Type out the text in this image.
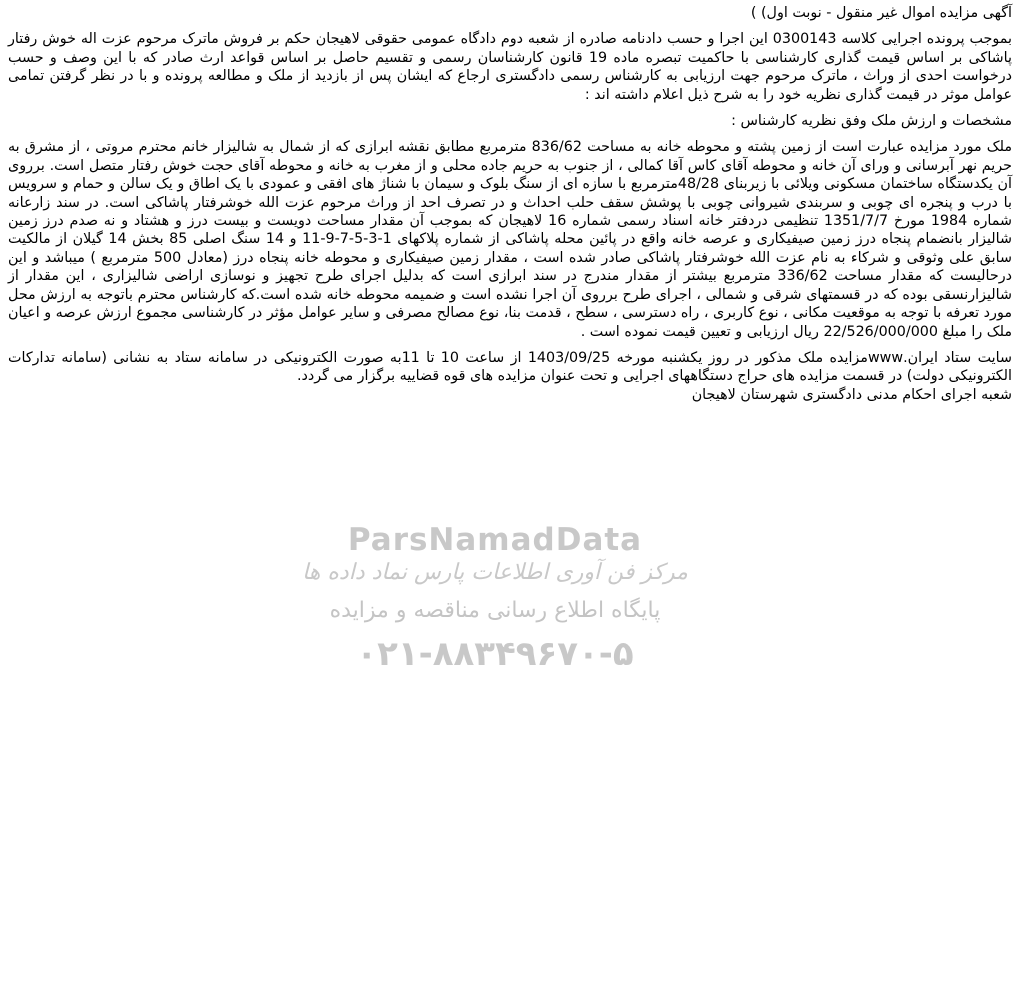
ParsNamadData
مرکز فن آوری اطلاعات پارس نماد داده ها
پایگاه اطلاع رسانی مناقصه و مزایده
۰۲۱-۸۸۳۴۹۶۷۰-۵

آگهی مزایده اموال غیر منقول - نوبت اول) )

بموجب پرونده اجرایی کلاسه 0300143 این اجرا و حسب دادنامه صادره از شعبه دوم دادگاه عمومی حقوقی لاهیجان حکم بر فروش ماترک مرحوم عزت اله خوش رفتار پاشاکی بر اساس قیمت گذاری کارشناسی با حاکمیت تبصره ماده 19 قانون کارشناسان رسمی و تقسیم حاصل بر اساس قواعد ارث صادر که با این وصف و حسب درخواست احدی از وراث ، ماترک مرحوم جهت ارزیابی به کارشناس رسمی دادگستری ارجاع که ایشان پس از بازدید از ملک و مطالعه پرونده و با در نظر گرفتن تمامی عوامل موثر در قیمت گذاری نظریه خود را به شرح ذیل اعلام داشته اند :

مشخصات و ارزش ملک وفق نظریه کارشناس :

ملک مورد مزایده عبارت است از زمین پشته و محوطه خانه به مساحت 836/62 مترمربع مطابق نقشه ابرازی که از شمال به شالیزار خانم محترم مروتی ، از مشرق به حریم نهر آبرسانی و ورای آن خانه و محوطه آقای کاس آقا کمالی ، از جنوب به حریم جاده محلی و از مغرب به خانه و محوطه آقای حجت خوش رفتار متصل است. برروی آن یکدستگاه ساختمان مسکونی ویلائی با زیربنای 48/28مترمربع با سازه ای از سنگ بلوک و سیمان با شناژ های افقی و عمودی با یک اطاق و یک سالن و حمام و سرویس با درب و پنجره ای چوبی و سربندی شیروانی چوبی با پوشش سقف حلب احداث و در تصرف احد از وراث مرحوم عزت الله خوشرفتار پاشاکی است. در سند زارعانه شماره 1984 مورخ 1351/7/7 تنظیمی دردفتر خانه اسناد رسمی شماره 16 لاهیجان که بموجب آن مقدار مساحت دویست و بیست درز و هشتاد و نه صدم درز زمین شالیزار بانضمام پنجاه درز زمین صیفیکاری و عرصه خانه واقع در پائین محله پاشاکی از شماره پلاکهای 1-3-5-7-9-11 و 14 سنگ اصلی 85 بخش 14 گیلان از مالکیت سابق علی وثوقی و شرکاء به نام عزت الله خوشرفتار پاشاکی صادر شده است ، مقدار زمین صیفیکاری و محوطه خانه پنجاه درز (معادل 500 مترمربع ) میباشد و این درحالیست که مقدار مساحت 336/62 مترمربع بیشتر از مقدار مندرج در سند ابرازی است که بدلیل اجرای طرح تجهیز و نوسازی اراضی شالیزاری ، این مقدار از شالیزارنسقی بوده که در قسمتهای شرقی و شمالی ، اجرای طرح برروی آن اجرا نشده است و ضمیمه محوطه خانه شده است.که کارشناس محترم باتوجه به ارزش محل مورد تعرفه با توجه به موقعیت مکانی ، نوع کاربری ، راه دسترسی ، سطح ، قدمت بنا، نوع مصالح مصرفی و سایر عوامل مؤثر در کارشناسی مجموع ارزش عرصه و اعیان ملک را مبلغ 22/526/000/000 ریال ارزیابی و تعیین قیمت نموده است .

سایت ستاد ایران.wwwمزایده ملک مذکور در روز یکشنبه مورخه 1403/09/25 از ساعت 10 تا 11به صورت الکترونیکی در سامانه ستاد به نشانی (سامانه تدارکات الکترونیکی دولت) در قسمت مزایده های حراج دستگاههای اجرایی و تحت عنوان مزایده های قوه قضاییه برگزار می گردد.

شعبه اجرای احکام مدنی دادگستری شهرستان لاهیجان
